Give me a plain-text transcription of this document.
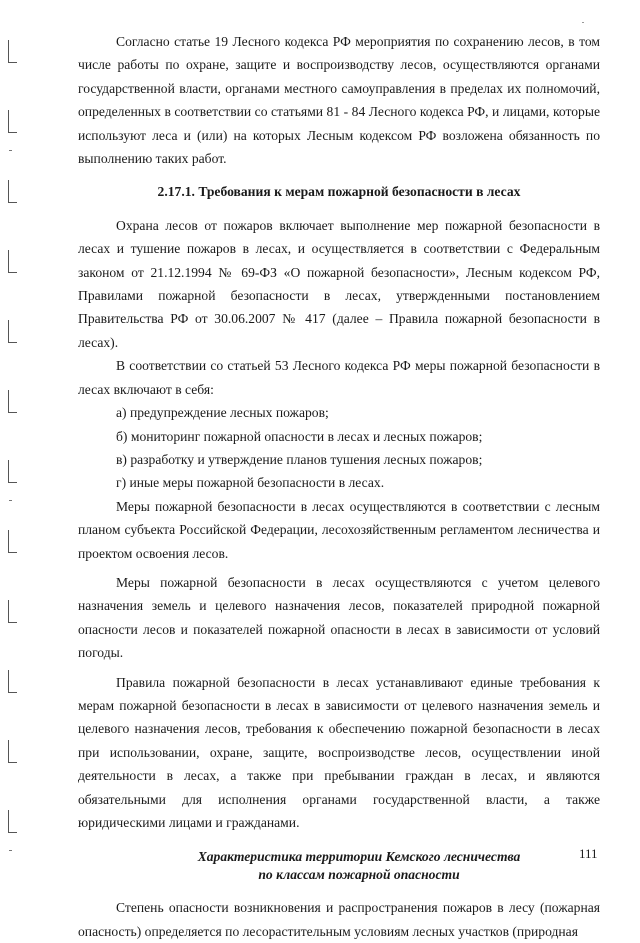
Согласно статье 19 Лесного кодекса РФ мероприятия по сохранению лесов, в том числе работы по охране, защите и воспроизводству лесов, осуществляются органами государственной власти, органами местного самоуправления в пределах их полномочий, определенных в соответствии со статьями 81 - 84 Лесного кодекса РФ, и лицами, которые используют леса и (или) на которых Лесным кодексом РФ возложена обязанность по выполнению таких работ.

2.17.1. Требования к мерам пожарной безопасности в лесах

Охрана лесов от пожаров включает выполнение мер пожарной безопасности в лесах и тушение пожаров в лесах, и осуществляется в соответствии с Федеральным законом от 21.12.1994 № 69-ФЗ «О пожарной безопасности», Лесным кодексом РФ, Правилами пожарной безопасности в лесах, утвержденными постановлением Правительства РФ от 30.06.2007 № 417 (далее – Правила пожарной безопасности в лесах).

В соответствии со статьей 53 Лесного кодекса РФ меры пожарной безопасности в лесах включают в себя:

а) предупреждение лесных пожаров;

б) мониторинг пожарной опасности в лесах и лесных пожаров;

в) разработку и утверждение планов тушения лесных пожаров;

г) иные меры пожарной безопасности в лесах.

Меры пожарной безопасности в лесах осуществляются в соответствии с лесным планом субъекта Российской Федерации, лесохозяйственным регламентом лесничества и проектом освоения лесов.

Меры пожарной безопасности в лесах осуществляются с учетом целевого назначения земель и целевого назначения лесов, показателей природной пожарной опасности лесов и показателей пожарной опасности в лесах в зависимости от условий погоды.

Правила пожарной безопасности в лесах устанавливают единые требования к мерам пожарной безопасности в лесах в зависимости от целевого назначения земель и целевого назначения лесов, требования к обеспечению пожарной безопасности в лесах при использовании, охране, защите, воспроизводстве лесов, осуществлении иной деятельности в лесах, а также при пребывании граждан в лесах, и являются обязательными для исполнения органами государственной власти, а также юридическими лицами и гражданами.

Характеристика территории Кемского лесничества
по классам пожарной опасности

Степень опасности возникновения и распространения пожаров в лесу (пожарная опасность) определяется по лесорастительным условиям лесных участков (природная

111
